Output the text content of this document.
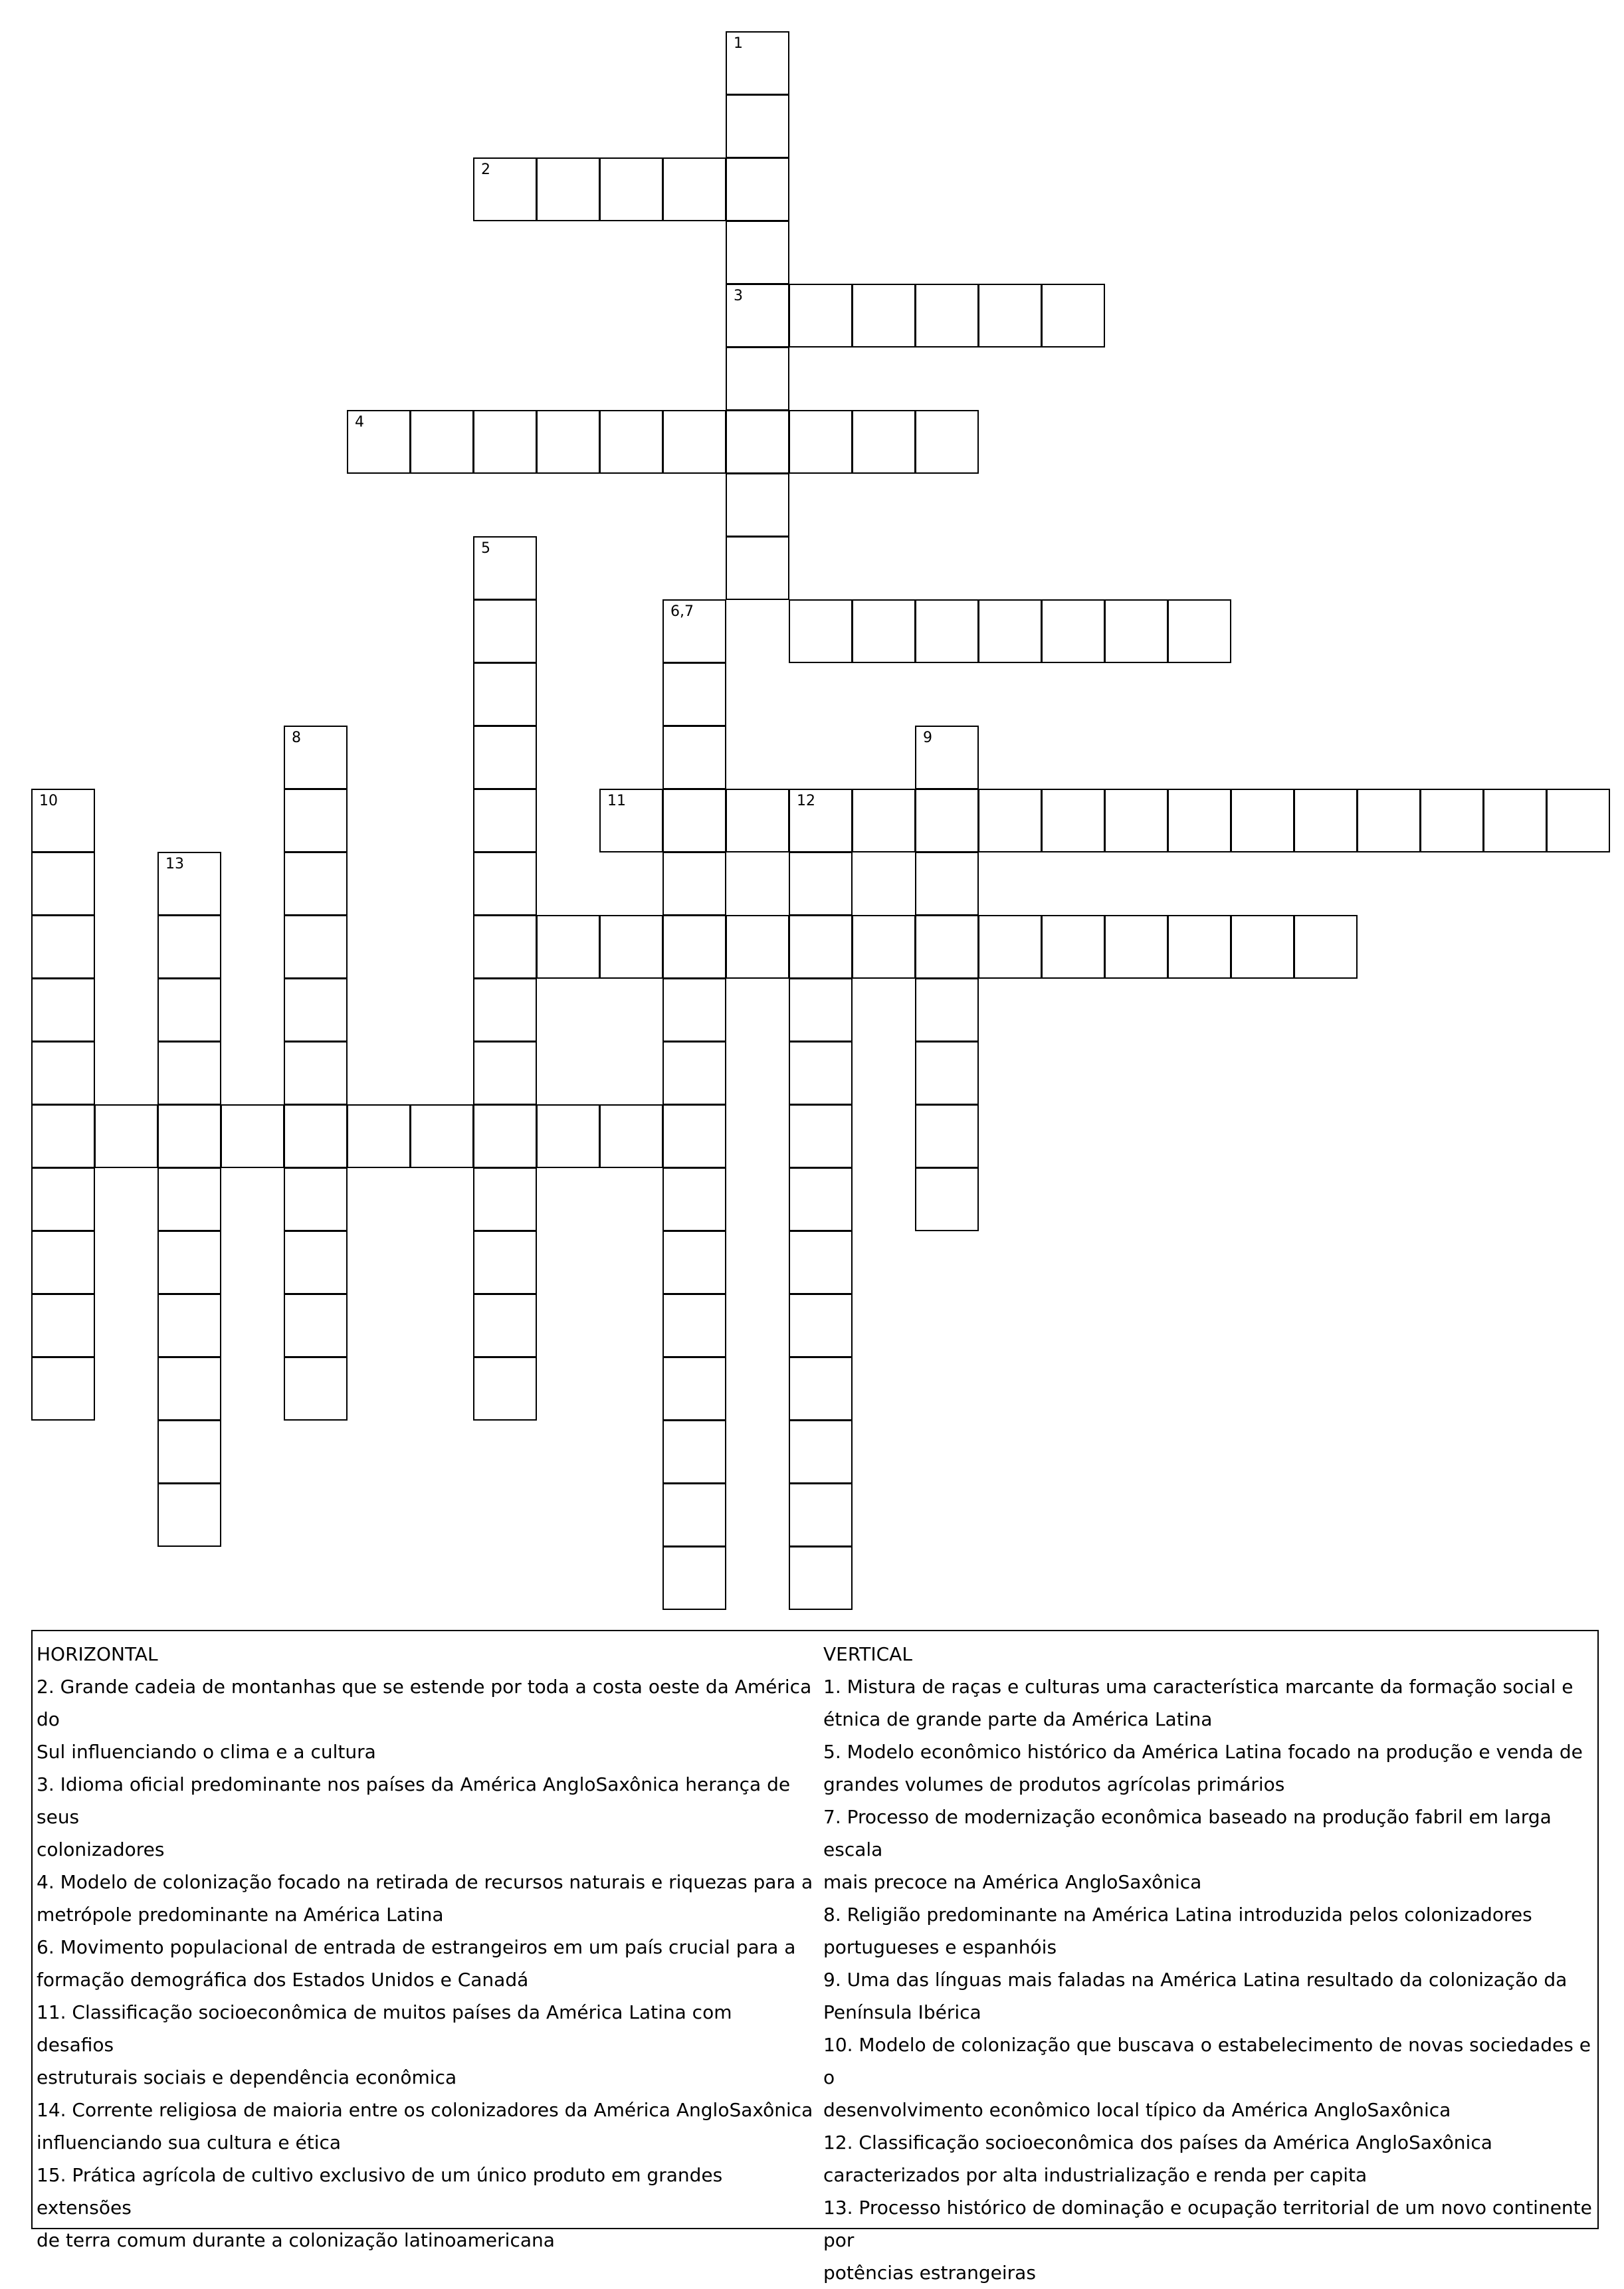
1
2
3
4
5
6,7
8	9
10	11	12
13
HORIZONTAL
2. Grande cadeia de montanhas que se estende por toda a costa oeste da América do
Sul influenciando o clima e a cultura
3. Idioma oficial predominante nos países da América AngloSaxônica herança de seus
colonizadores
4. Modelo de colonização focado na retirada de recursos naturais e riquezas para a
metrópole predominante na América Latina
6. Movimento populacional de entrada de estrangeiros em um país crucial para a
formação demográfica dos Estados Unidos e Canadá
11. Classificação socioeconômica de muitos países da América Latina com desafios
estruturais sociais e dependência econômica
14. Corrente religiosa de maioria entre os colonizadores da América AngloSaxônica
influenciando sua cultura e ética
15. Prática agrícola de cultivo exclusivo de um único produto em grandes extensões
de terra comum durante a colonização latinoamericana
VERTICAL
1. Mistura de raças e culturas uma característica marcante da formação social e
étnica de grande parte da América Latina
5. Modelo econômico histórico da América Latina focado na produção e venda de
grandes volumes de produtos agrícolas primários
7. Processo de modernização econômica baseado na produção fabril em larga escala
mais precoce na América AngloSaxônica
8. Religião predominante na América Latina introduzida pelos colonizadores
portugueses e espanhóis
9. Uma das línguas mais faladas na América Latina resultado da colonização da
Península Ibérica
10. Modelo de colonização que buscava o estabelecimento de novas sociedades e o
desenvolvimento econômico local típico da América AngloSaxônica
12. Classificação socioeconômica dos países da América AngloSaxônica
caracterizados por alta industrialização e renda per capita
13. Processo histórico de dominação e ocupação territorial de um novo continente por
potências estrangeiras
